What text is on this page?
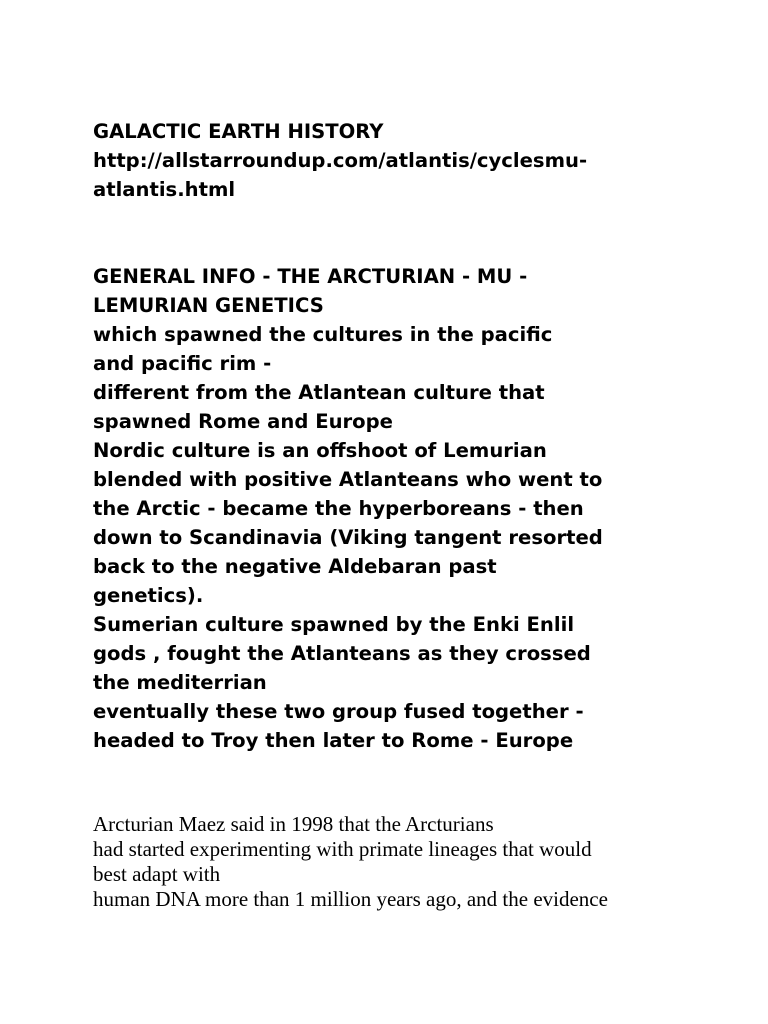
GALACTIC EARTH HISTORY
http://allstarroundup.com/atlantis/cyclesmu-
atlantis.html
GENERAL INFO - THE ARCTURIAN - MU -
LEMURIAN GENETICS
which spawned the cultures in the pacific
and pacific rim -
different from the Atlantean culture that
spawned Rome and Europe
Nordic culture is an offshoot of Lemurian
blended with positive Atlanteans who went to
the Arctic - became the hyperboreans - then
down to Scandinavia (Viking tangent resorted
back to the negative Aldebaran past
genetics).
Sumerian culture spawned by the Enki Enlil
gods , fought the Atlanteans as they crossed
the mediterrian
eventually these two group fused together -
headed to Troy then later to Rome - Europe
Arcturian Maez said in 1998 that the Arcturians
had started experimenting with primate lineages that would
best adapt with
human DNA more than 1 million years ago, and the evidence
